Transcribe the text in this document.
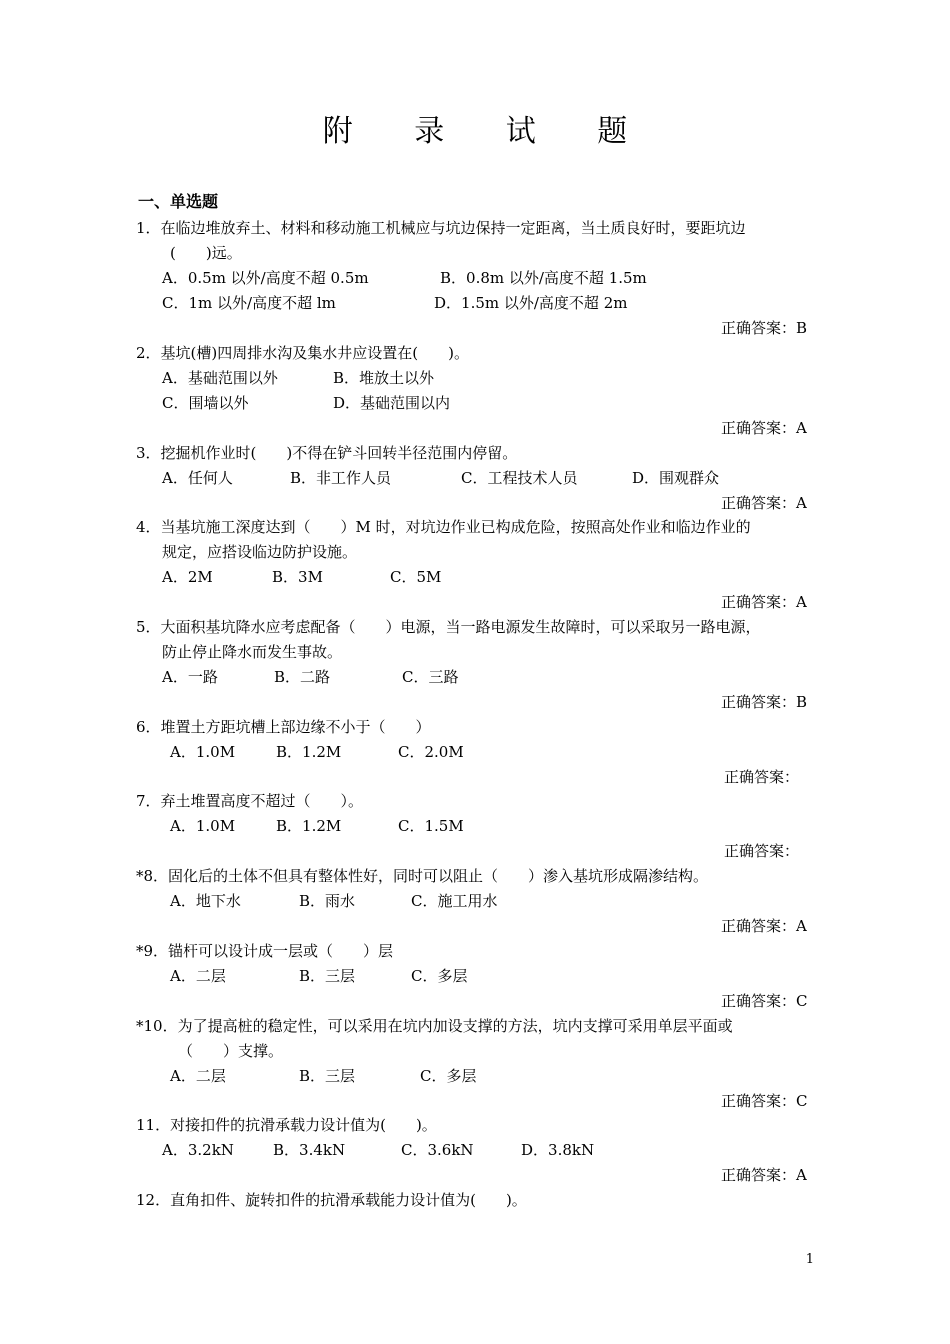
附 录 试 题
一、单选题
1．在临边堆放弃土、材料和移动施工机械应与坑边保持一定距离，当土质良好时，要距坑边
(　　)远。
A．0.5m 以外/高度不超 0.5m	B．0.8m 以外/高度不超 1.5m
C．1m 以外/高度不超 lm	D．1.5m 以外/高度不超 2m
正确答案：B
2．基坑(槽)四周排水沟及集水井应设置在(　　)。
A．基础范围以外	B．堆放土以外
C．围墙以外	D．基础范围以内
正确答案：A
3．挖掘机作业时(　　)不得在铲斗回转半径范围内停留。
A．任何人	B．非工作人员	C．工程技术人员	D．围观群众
正确答案：A
4．当基坑施工深度达到（　　）M 时，对坑边作业已构成危险，按照高处作业和临边作业的
规定，应搭设临边防护设施。
A．2M	B．3M	C．5M
正确答案：A
5．大面积基坑降水应考虑配备（　　）电源，当一路电源发生故障时，可以采取另一路电源，
防止停止降水而发生事故。
A．一路	B．二路	C．三路
正确答案：B
6．堆置土方距坑槽上部边缘不小于（　　）
A．1.0M	B．1.2M	C．2.0M
正确答案：
7．弃土堆置高度不超过（　　）。
A．1.0M	B．1.2M	C．1.5M
正确答案：
*8．固化后的土体不但具有整体性好，同时可以阻止（　　）渗入基坑形成隔渗结构。
A．地下水	B．雨水	C．施工用水
正确答案：A
*9．锚杆可以设计成一层或（　　）层
A．二层	B．三层	C．多层
正确答案：C
*10．为了提高桩的稳定性，可以采用在坑内加设支撑的方法，坑内支撑可采用单层平面或
（　　）支撑。
A．二层	B．三层	C．多层
正确答案：C
11．对接扣件的抗滑承载力设计值为(　　)。
A．3.2kN	B．3.4kN	C．3.6kN	D．3.8kN
正确答案：A
12．直角扣件、旋转扣件的抗滑承载能力设计值为(　　)。
1
